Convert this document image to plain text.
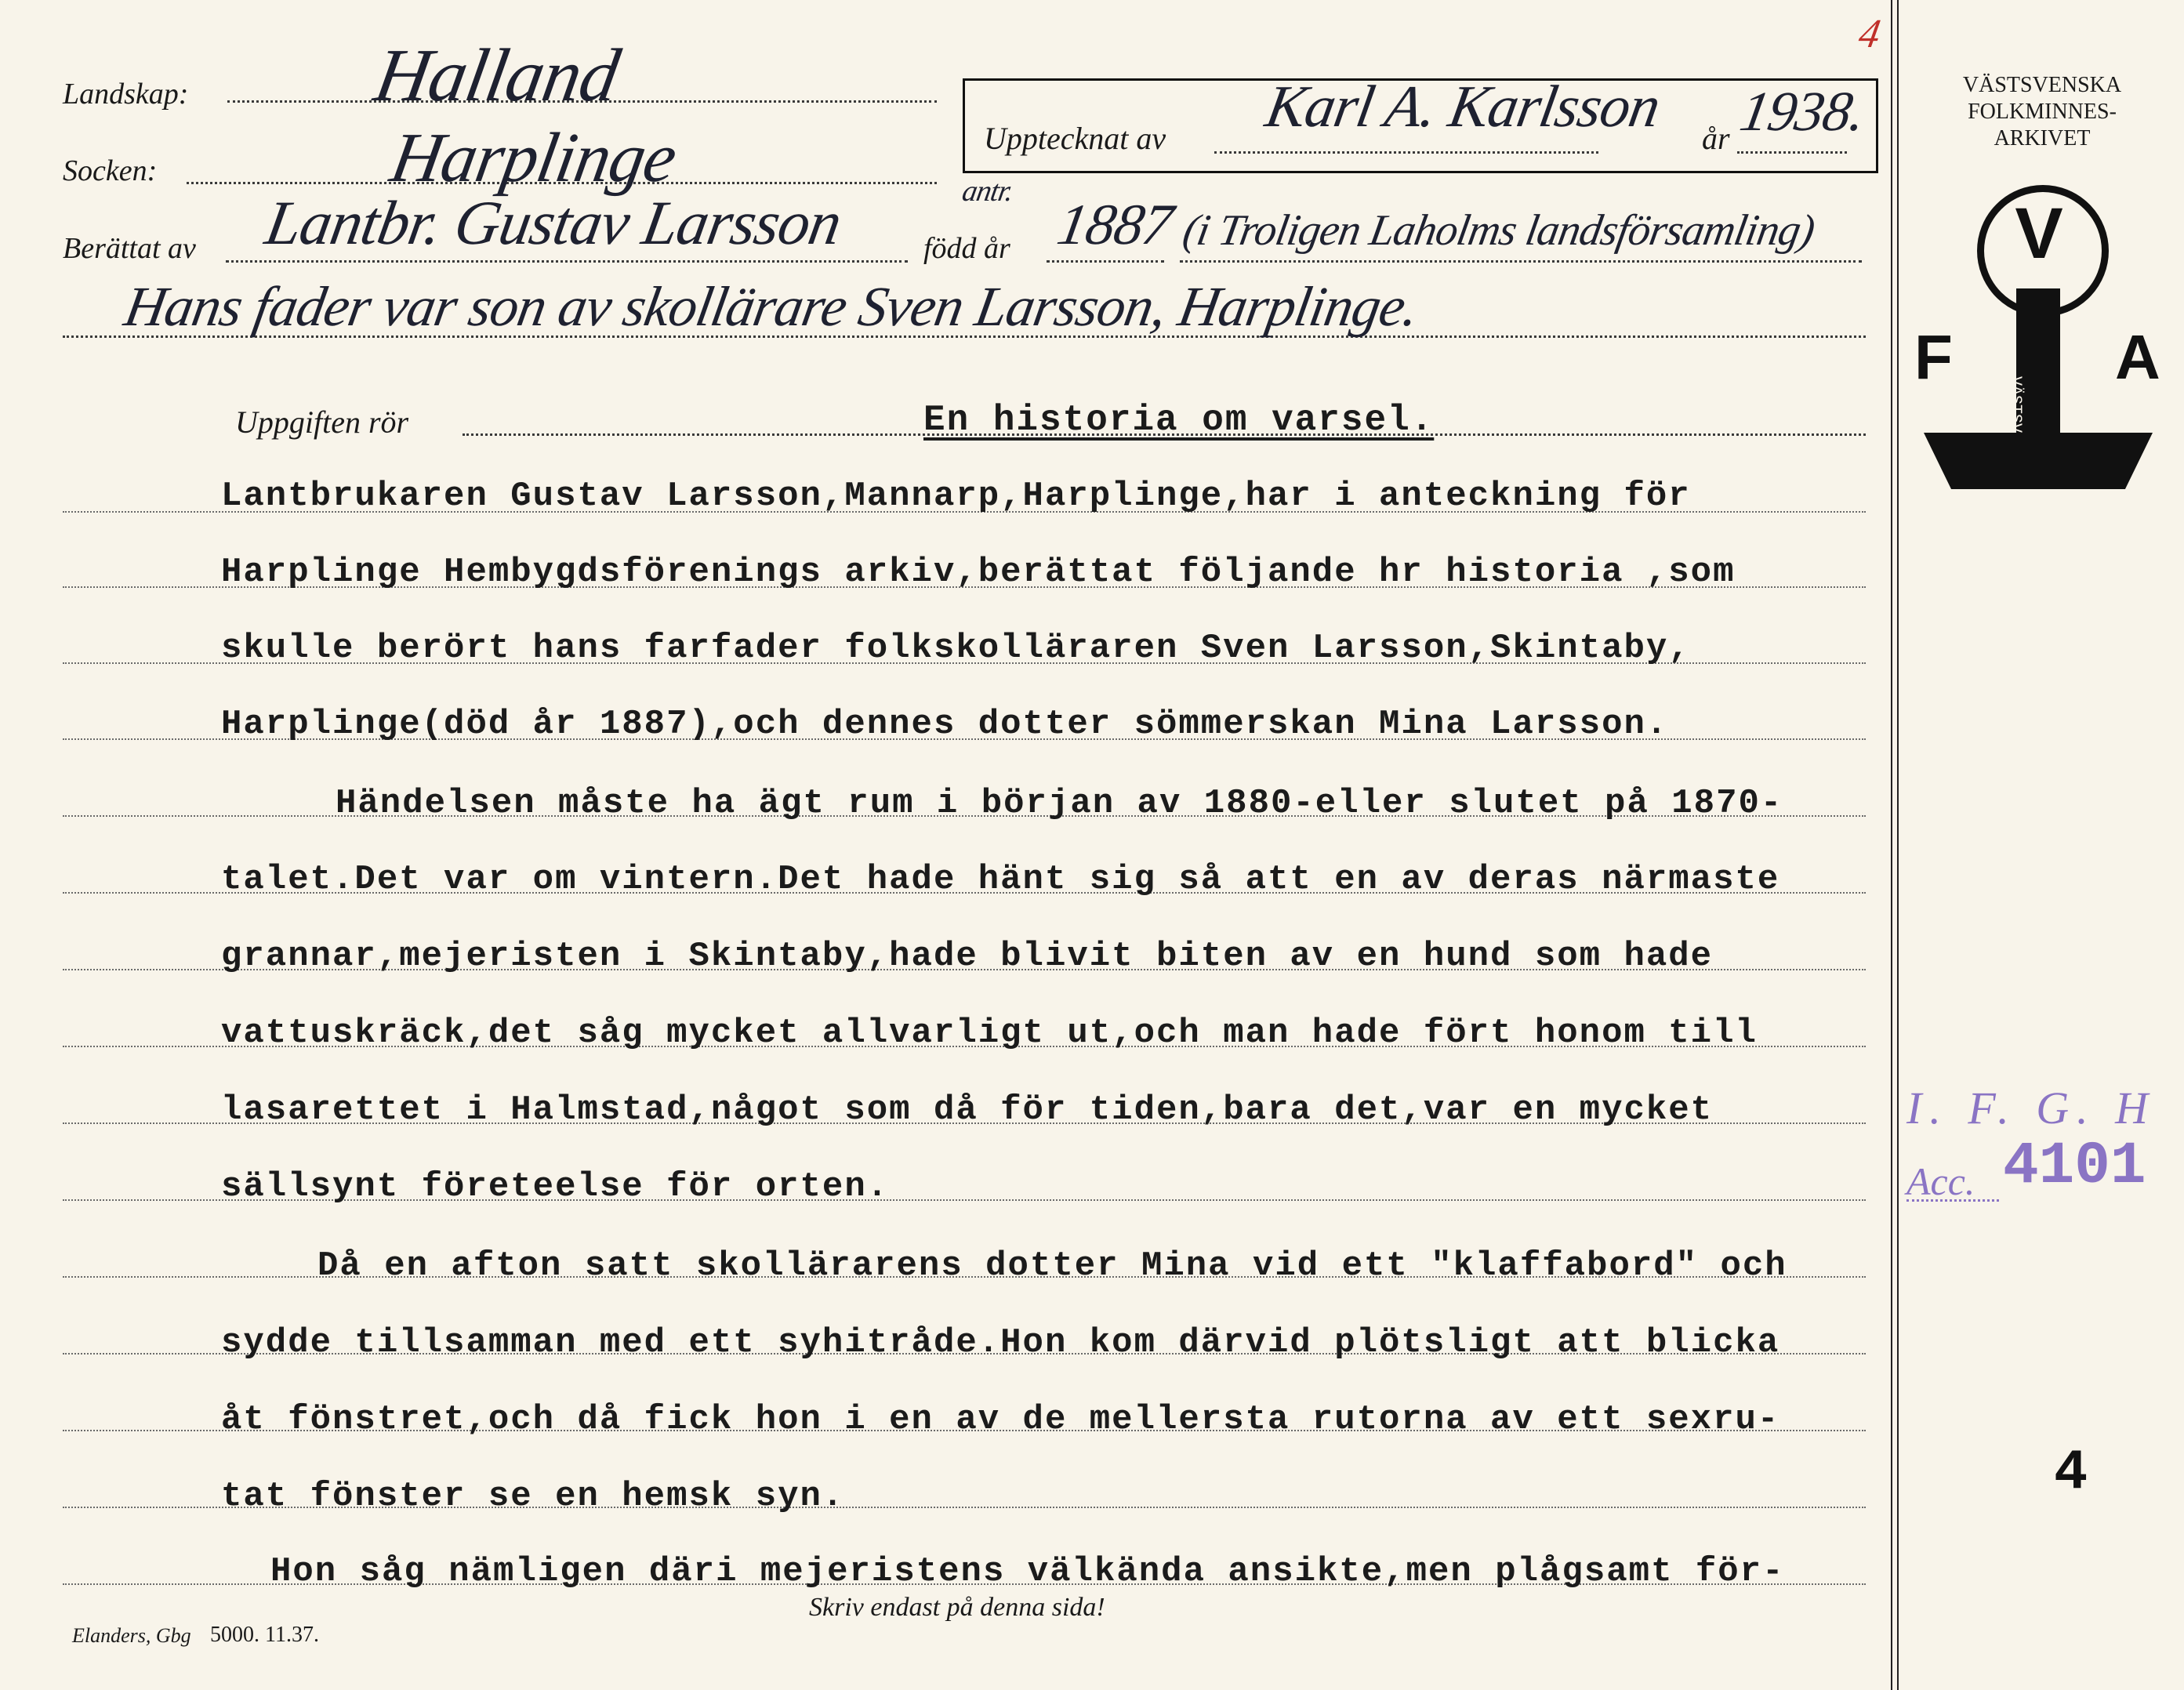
Landskap: Halland
Socken:	Harplinge	Upptecknat av Karl A. Karlsson år 1938.
4
Berättat av Lantbr. Gustav Larsson	antr.
född år 1887 (i Troligen Laholms landsförsamling)
Hans fader var son av skollärare Sven Larsson, Harplinge.
Uppgiften rör	En historia om varsel.
Lantbrukaren Gustav Larsson,Mannarp,Harplinge,har i anteckning för
Harplinge Hembygdsförenings arkiv,berättat följande hr historia ,som
skulle berört hans farfader folkskolläraren Sven Larsson,Skintaby,
Harplinge(död år 1887),och dennes dotter sömmerskan Mina Larsson.
Händelsen måste ha ägt rum i början av 1880-eller slutet på 1870-
talet.Det var om vintern.Det hade hänt sig så att en av deras närmaste
grannar,mejeristen i Skintaby,hade blivit biten av en hund som hade
vattuskräck,det såg mycket allvarligt ut,och man hade fört honom till
lasarettet i Halmstad,något som då för tiden,bara det,var en mycket
sällsynt företeelse för orten.
Då en afton satt skollärarens dotter Mina vid ett "klaffabord" och
sydde tillsamman med ett syhitråde.Hon kom därvid plötsligt att blicka
åt fönstret,och då fick hon i en av de mellersta rutorna av ett sexru-
tat fönster se en hemsk syn.
Hon såg nämligen däri mejeristens välkända ansikte,men plågsamt för-
Skriv endast på denna sida!
Elanders, Gbg 5000. 11.37.
VÄSTSVENSKA
FOLKMINNES-
ARKIVET
V
F	A
VÄSTSV
I. F. G. H
Acc. 4101
4
